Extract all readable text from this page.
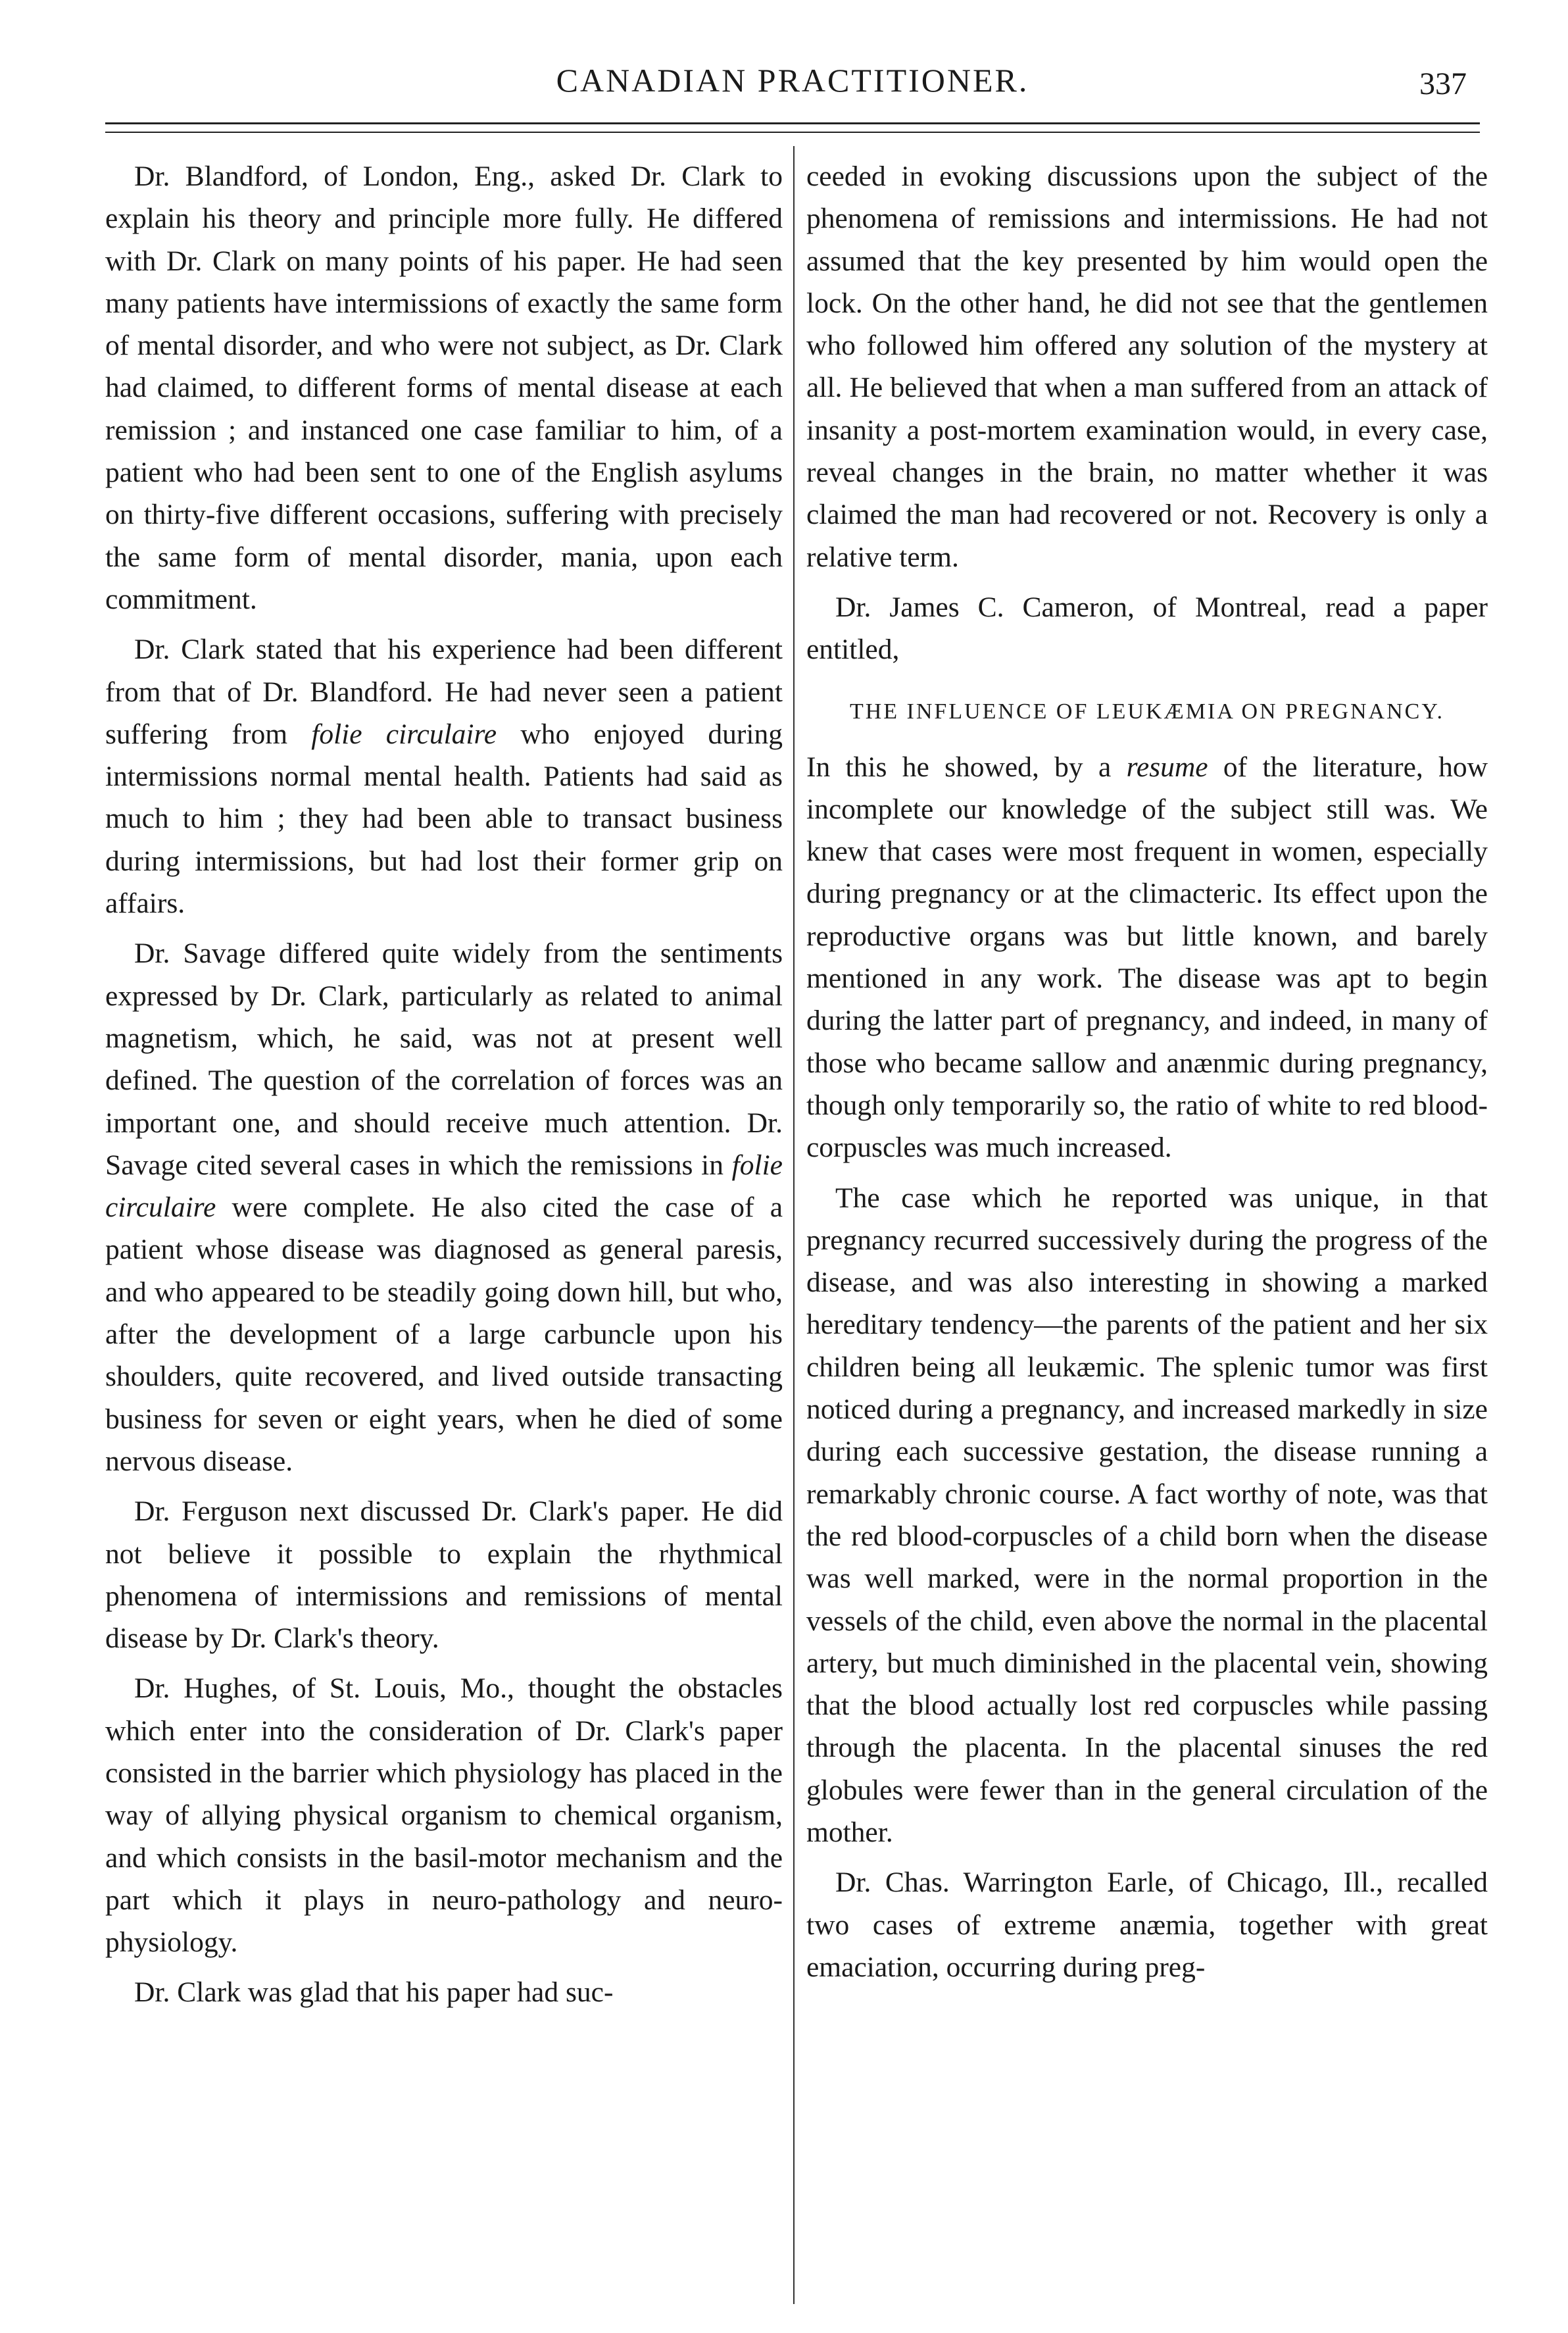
CANADIAN PRACTITIONER.	337

Dr. Blandford, of London, Eng., asked Dr. Clark to explain his theory and principle more fully. He differed with Dr. Clark on many points of his paper. He had seen many patients have intermissions of exactly the same form of mental disorder, and who were not subject, as Dr. Clark had claimed, to different forms of mental disease at each remission ; and instanced one case familiar to him, of a patient who had been sent to one of the English asylums on thirty-five different occasions, suffering with precisely the same form of mental disorder, mania, upon each commitment.

Dr. Clark stated that his experience had been different from that of Dr. Blandford. He had never seen a patient suffering from folie circulaire who enjoyed during intermissions normal mental health. Patients had said as much to him ; they had been able to transact business during intermissions, but had lost their former grip on affairs.

Dr. Savage differed quite widely from the sentiments expressed by Dr. Clark, particularly as related to animal magnetism, which, he said, was not at present well defined. The question of the correlation of forces was an important one, and should receive much attention. Dr. Savage cited several cases in which the remissions in folie circulaire were complete. He also cited the case of a patient whose disease was diagnosed as general paresis, and who appeared to be steadily going down hill, but who, after the development of a large carbuncle upon his shoulders, quite recovered, and lived outside transacting business for seven or eight years, when he died of some nervous disease.

Dr. Ferguson next discussed Dr. Clark's paper. He did not believe it possible to explain the rhythmical phenomena of intermissions and remissions of mental disease by Dr. Clark's theory.

Dr. Hughes, of St. Louis, Mo., thought the obstacles which enter into the consideration of Dr. Clark's paper consisted in the barrier which physiology has placed in the way of allying physical organism to chemical organism, and which consists in the basil-motor mechanism and the part which it plays in neuro-pathology and neuro-physiology.

Dr. Clark was glad that his paper had suc-

ceeded in evoking discussions upon the subject of the phenomena of remissions and intermissions. He had not assumed that the key presented by him would open the lock. On the other hand, he did not see that the gentlemen who followed him offered any solution of the mystery at all. He believed that when a man suffered from an attack of insanity a post-mortem examination would, in every case, reveal changes in the brain, no matter whether it was claimed the man had recovered or not. Recovery is only a relative term.

Dr. James C. Cameron, of Montreal, read a paper entitled,

THE INFLUENCE OF LEUKÆMIA ON PREGNANCY.

In this he showed, by a resume of the literature, how incomplete our knowledge of the subject still was. We knew that cases were most frequent in women, especially during pregnancy or at the climacteric. Its effect upon the reproductive organs was but little known, and barely mentioned in any work. The disease was apt to begin during the latter part of pregnancy, and indeed, in many of those who became sallow and anænmic during pregnancy, though only temporarily so, the ratio of white to red blood-corpuscles was much increased.

The case which he reported was unique, in that pregnancy recurred successively during the progress of the disease, and was also interesting in showing a marked hereditary tendency—the parents of the patient and her six children being all leukæmic. The splenic tumor was first noticed during a pregnancy, and increased markedly in size during each successive gestation, the disease running a remarkably chronic course. A fact worthy of note, was that the red blood-corpuscles of a child born when the disease was well marked, were in the normal proportion in the vessels of the child, even above the normal in the placental artery, but much diminished in the placental vein, showing that the blood actually lost red corpuscles while passing through the placenta. In the placental sinuses the red globules were fewer than in the general circulation of the mother.

Dr. Chas. Warrington Earle, of Chicago, Ill., recalled two cases of extreme anæmia, together with great emaciation, occurring during preg-
